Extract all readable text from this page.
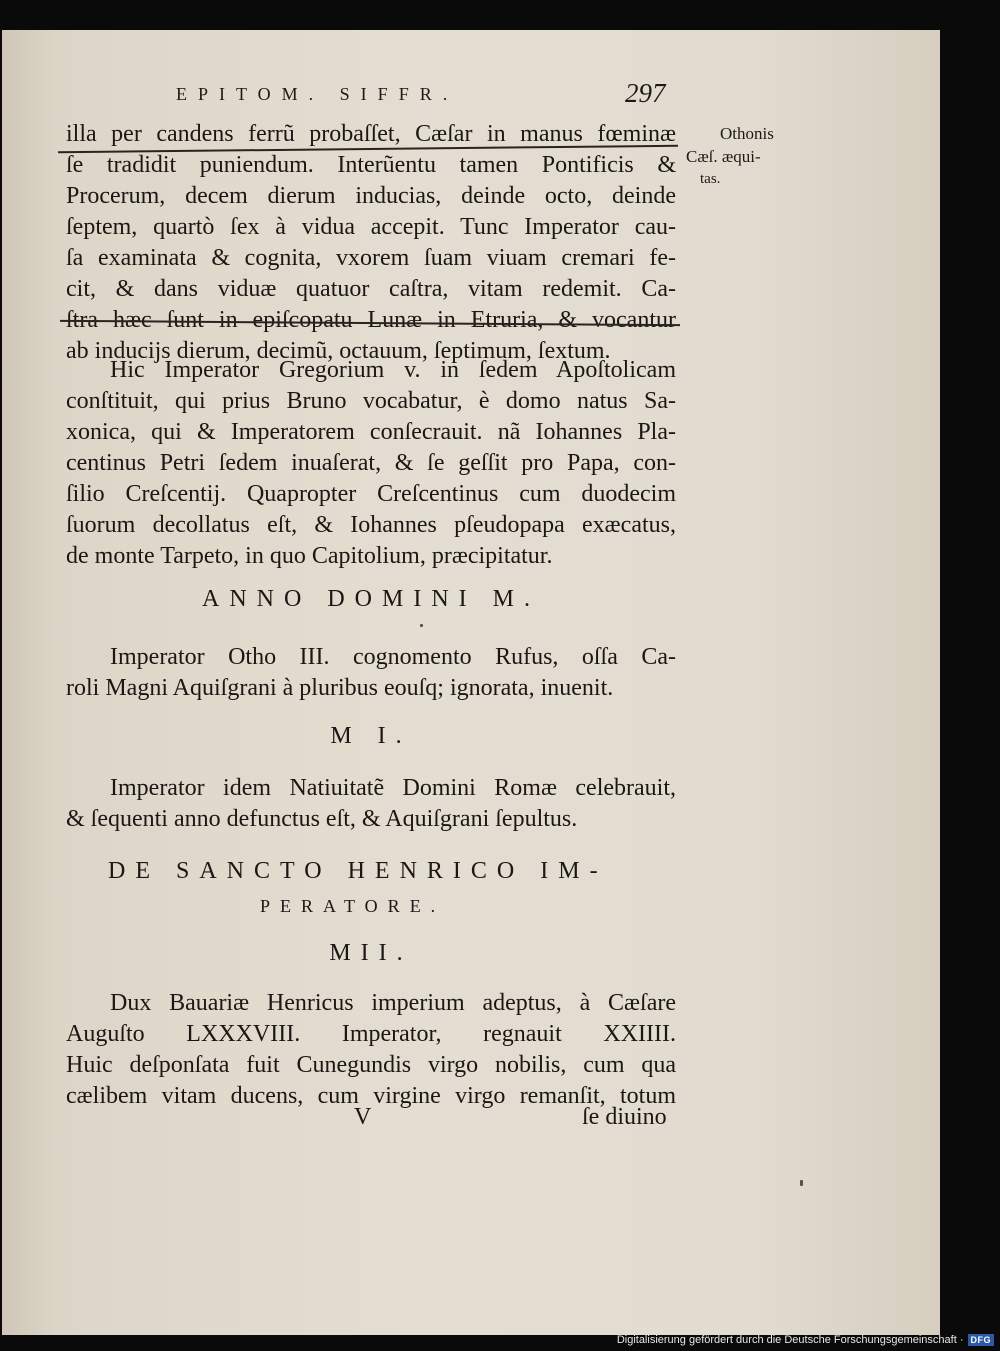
EPITOM. SIFFR.	297
Othonis
Cæſ. æqui-
tas.
illa per candens ferrũ probaſſet, Cæſar in manus fœminæ
ſe tradidit puniendum. Interũentu tamen Pontificis &
Procerum, decem dierum inducias, deinde octo, deinde
ſeptem, quartò ſex à vidua accepit. Tunc Imperator cau-
ſa examinata & cognita, vxorem ſuam viuam cremari fe-
cit, & dans viduæ quatuor caſtra, vitam redemit. Ca-
ſtra hæc ſunt in epiſcopatu Lunæ in Etruria, & vocantur
ab inducijs dierum, decimũ, octauum, ſeptimum, ſextum.
Hic Imperator Gregorium v. in ſedem Apoſtolicam
conſtituit, qui prius Bruno vocabatur, è domo natus Sa-
xonica, qui & Imperatorem conſecrauit. nã Iohannes Pla-
centinus Petri ſedem inuaſerat, & ſe geſſit pro Papa, con-
ſilio Creſcentij. Quapropter Creſcentinus cum duodecim
ſuorum decollatus eſt, & Iohannes pſeudopapa exæcatus,
de monte Tarpeto, in quo Capitolium, præcipitatur.
ANNO DOMINI M.
Imperator Otho III. cognomento Rufus, oſſa Ca-
roli Magni Aquiſgrani à pluribus eouſq; ignorata, inuenit.
M I.
Imperator idem Natiuitatẽ Domini Romæ celebrauit,
& ſequenti anno defunctus eſt, & Aquiſgrani ſepultus.
DE SANCTO HENRICO IM-
PERATORE.
MII.
Dux Bauariæ Henricus imperium adeptus, à Cæſare
Auguſto LXXXVIII. Imperator, regnauit XXIIII.
Huic deſponſata fuit Cunegundis virgo nobilis, cum qua
cælibem vitam ducens, cum virgine virgo remanſit, totum
V	ſe diuino
Digitalisierung gefördert durch die Deutsche Forschungsgemeinschaft · DFG
